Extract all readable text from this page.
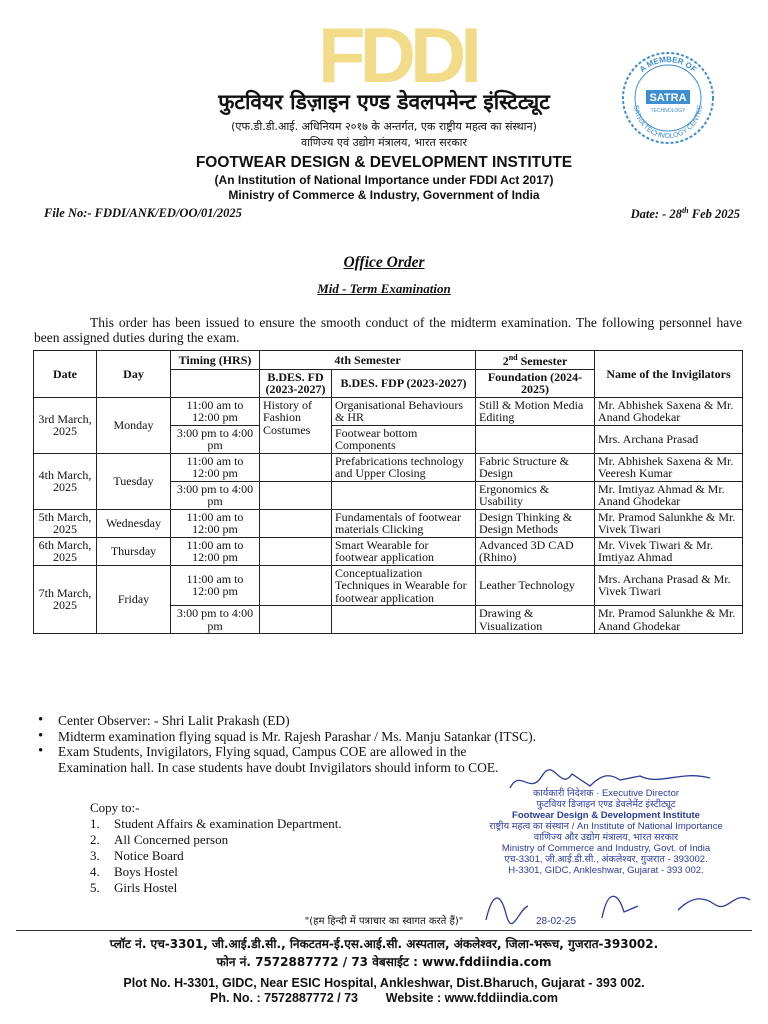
FDDI	A MEMBER OF
SATRA TECHNOLOGY CENTRE
SATRA
TECHNOLOGY
फुटवियर डिज़ाइन एण्ड डेवलपमेन्ट इंस्टिट्यूट
(एफ.डी.डी.आई. अधिनियम २०१७ के अन्तर्गत, एक राष्ट्रीय महत्व का संस्थान)
वाणिज्य एवं उद्योग मंत्रालय, भारत सरकार
FOOTWEAR DESIGN & DEVELOPMENT INSTITUTE
(An Institution of National Importance under FDDI Act 2017)
Ministry of Commerce & Industry, Government of India
File No:- FDDI/ANK/ED/OO/01/2025	Date: - 28th Feb 2025
Office Order
Mid - Term Examination
This order has been issued to ensure the smooth conduct of the midterm examination. The following personnel have been assigned duties during the exam.
Date	Day	Timing (HRS)	4th Semester		2nd Semester	Name of the Invigilators
			B.DES. FD (2023-2027)	B.DES. FDP (2023-2027)	Foundation (2024-2025)	
3rd March, 2025	Monday	11:00 am to 12:00 pm	History of Fashion Costumes	Organisational Behaviours & HR	Still & Motion Media Editing	Mr. Abhishek Saxena & Mr. Anand Ghodekar
		3:00 pm to 4:00 pm		Footwear bottom Components		Mrs. Archana Prasad
4th March, 2025	Tuesday	11:00 am to 12:00 pm		Prefabrications technology and Upper Closing	Fabric Structure & Design	Mr. Abhishek Saxena & Mr. Veeresh Kumar
		3:00 pm to 4:00 pm			Ergonomics & Usability	Mr. Imtiyaz Ahmad & Mr. Anand Ghodekar
5th March, 2025	Wednesday	11:00 am to 12:00 pm		Fundamentals of footwear materials Clicking	Design Thinking & Design Methods	Mr. Pramod Salunkhe & Mr. Vivek Tiwari
6th March, 2025	Thursday	11:00 am to 12:00 pm		Smart Wearable for footwear application	Advanced 3D CAD (Rhino)	Mr. Vivek Tiwari & Mr. Imtiyaz Ahmad
7th March, 2025	Friday	11:00 am to 12:00 pm		Conceptualization Techniques in Wearable for footwear application	Leather Technology	Mrs. Archana Prasad & Mr. Vivek Tiwari
		3:00 pm to 4:00 pm			Drawing & Visualization	Mr. Pramod Salunkhe & Mr. Anand Ghodekar
• Center Observer: - Shri Lalit Prakash (ED)
• Midterm examination flying squad is Mr. Rajesh Parashar / Ms. Manju Satankar (ITSC).
• Exam Students, Invigilators, Flying squad, Campus COE are allowed in the Examination hall. In case students have doubt Invigilators should inform to COE.
Copy to:-
1. Student Affairs & examination Department.
2. All Concerned person
3. Notice Board
4. Boys Hostel
5. Girls Hostel
कार्यकारी निदेशक · Executive Director
फुटवियर डिजाइन एण्ड डेवलेमेंट इंस्टीट्यूट
Footwear Design & Development Institute
राष्ट्रीय महत्व का संस्थान / An Institute of National Importance
वाणिज्य और उद्योग मंत्रालय, भारत सरकार
Ministry of Commerce and Industry, Govt. of India
एच-3301, जी.आई.डी.सी., अंकलेश्वर, गुजरात - 393002.
H-3301, GIDC, Ankleshwar, Gujarat - 393 002.
"(हम हिन्दी में पत्राचार का स्वागत करते हैं)"	28-02-25
प्लॉट नं. एच-3301, जी.आई.डी.सी., निकटतम-ई.एस.आई.सी. अस्पताल, अंकलेश्वर, जिला-भरूच, गुजरात-393002.
फोन नं. 7572887772 / 73 वेबसाईट : www.fddiindia.com
Plot No. H-3301, GIDC, Near ESIC Hospital, Ankleshwar, Dist.Bharuch, Gujarat - 393 002.
Ph. No. : 7572887772 / 73        Website : www.fddiindia.com
